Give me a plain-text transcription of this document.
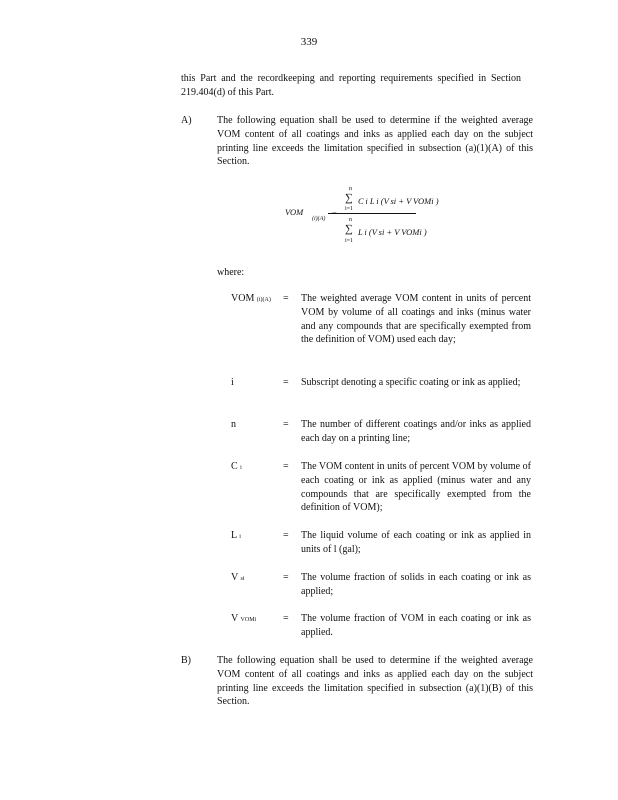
339
this Part and the recordkeeping and reporting requirements specified in Section 219.404(d) of this Part.
A)	The following equation shall be used to determine if the weighted average VOM content of all coatings and inks as applied each day on the subject printing line exceeds the limitation specified in subsection (a)(1)(A) of this Section.
VOM
(i)(A)
=
n
∑
i=1
C i L i (V si + V VOMi )
n
∑
i=1
L i (V si + V VOMi )
where:
VOM (i)(A) = The weighted average VOM content in units of percent VOM by volume of all coatings and inks (minus water and any compounds that are specifically exempted from the definition of VOM) used each day;
i	= Subscript denoting a specific coating or ink as applied;
n	= The number of different coatings and/or inks as applied each day on a printing line;
C i	= The VOM content in units of percent VOM by volume of each coating or ink as applied (minus water and any compounds that are specifically exempted from the definition of VOM);
L i	= The liquid volume of each coating or ink as applied in units of l (gal);
V si	= The volume fraction of solids in each coating or ink as applied;
V VOMi	= The volume fraction of VOM in each coating or ink as applied.
B)	The following equation shall be used to determine if the weighted average VOM content of all coatings and inks as applied each day on the subject printing line exceeds the limitation specified in subsection (a)(1)(B) of this Section.
